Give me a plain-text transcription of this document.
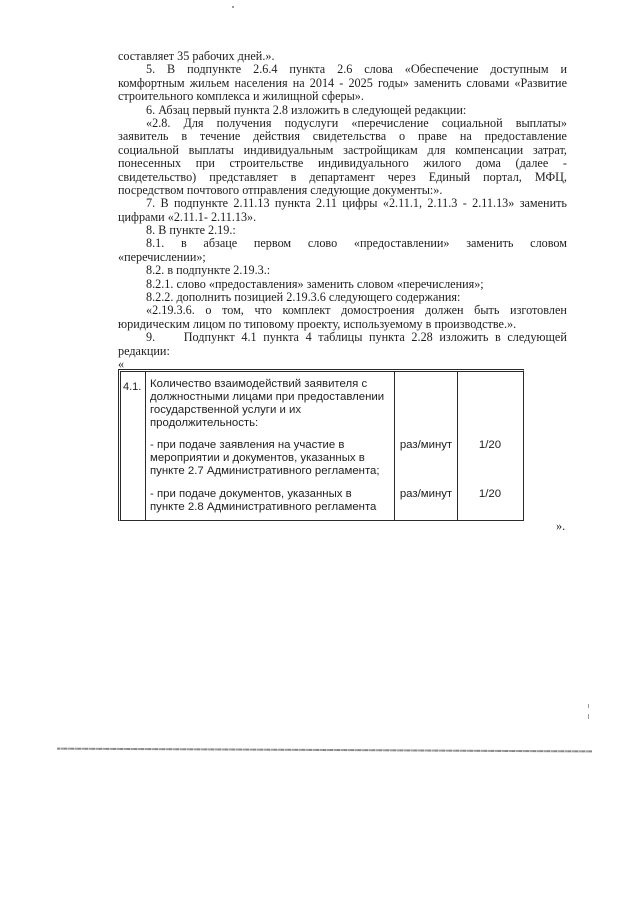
составляет 35 рабочих дней.».
5. В подпункте 2.6.4 пункта 2.6 слова «Обеспечение доступным и
комфортным жильем населения на 2014 - 2025 годы» заменить словами «Развитие
строительного комплекса и жилищной сферы».
6. Абзац первый пункта 2.8 изложить в следующей редакции:
«2.8. Для получения подуслуги «перечисление социальной выплаты»
заявитель в течение действия свидетельства о праве на предоставление
социальной выплаты индивидуальным застройщикам для компенсации затрат,
понесенных при строительстве индивидуального жилого дома (далее -
свидетельство) представляет в департамент через Единый портал, МФЦ,
посредством почтового отправления следующие документы:».
7. В подпункте 2.11.13 пункта 2.11 цифры «2.11.1, 2.11.3 - 2.11.13» заменить
цифрами «2.11.1- 2.11.13».
8. В пункте 2.19.:
8.1. в абзаце первом слово «предоставлении» заменить словом
«перечислении»;
8.2. в подпункте 2.19.3.:
8.2.1. слово «предоставления» заменить словом «перечисления»;
8.2.2. дополнить позицией 2.19.3.6 следующего содержания:
«2.19.3.6. о том, что комплект домостроения должен быть изготовлен
юридическим лицом по типовому проекту, используемому в производстве.».
9. Подпункт 4.1 пункта 4 таблицы пункта 2.28 изложить в следующей
редакции:
«
4.1. Количество взаимодействий заявителя с
должностными лицами при предоставлении
государственной услуги и их
продолжительность:
- при подаче заявления на участие в
мероприятии и документов, указанных в
пункте 2.7 Административного регламента;
раз/минут	1/20
- при подаче документов, указанных в
пункте 2.8 Административного регламента
раз/минут	1/20
».
